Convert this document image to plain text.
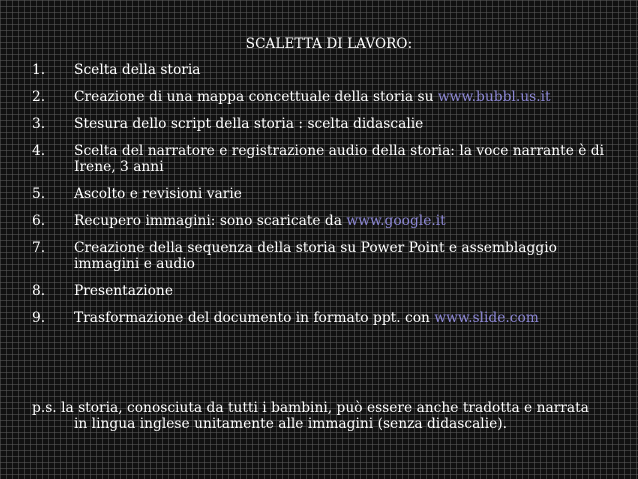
SCALETTA DI LAVORO:
1.	Scelta della storia
2.	Creazione di una mappa concettuale della storia su www.bubbl.us.it
3.	Stesura dello script della storia : scelta didascalie
4.	Scelta del narratore e registrazione audio della storia: la voce narrante è di Irene, 3 anni
5.	Ascolto e revisioni varie
6.	Recupero immagini: sono scaricate da www.google.it
7.	Creazione della sequenza della storia su Power Point e assemblaggio immagini e audio
8.	Presentazione
9.	Trasformazione del documento in formato ppt. con www.slide.com
p.s. la storia, conosciuta da tutti i bambini, può essere anche tradotta e narrata
in lingua inglese unitamente alle immagini (senza didascalie).
